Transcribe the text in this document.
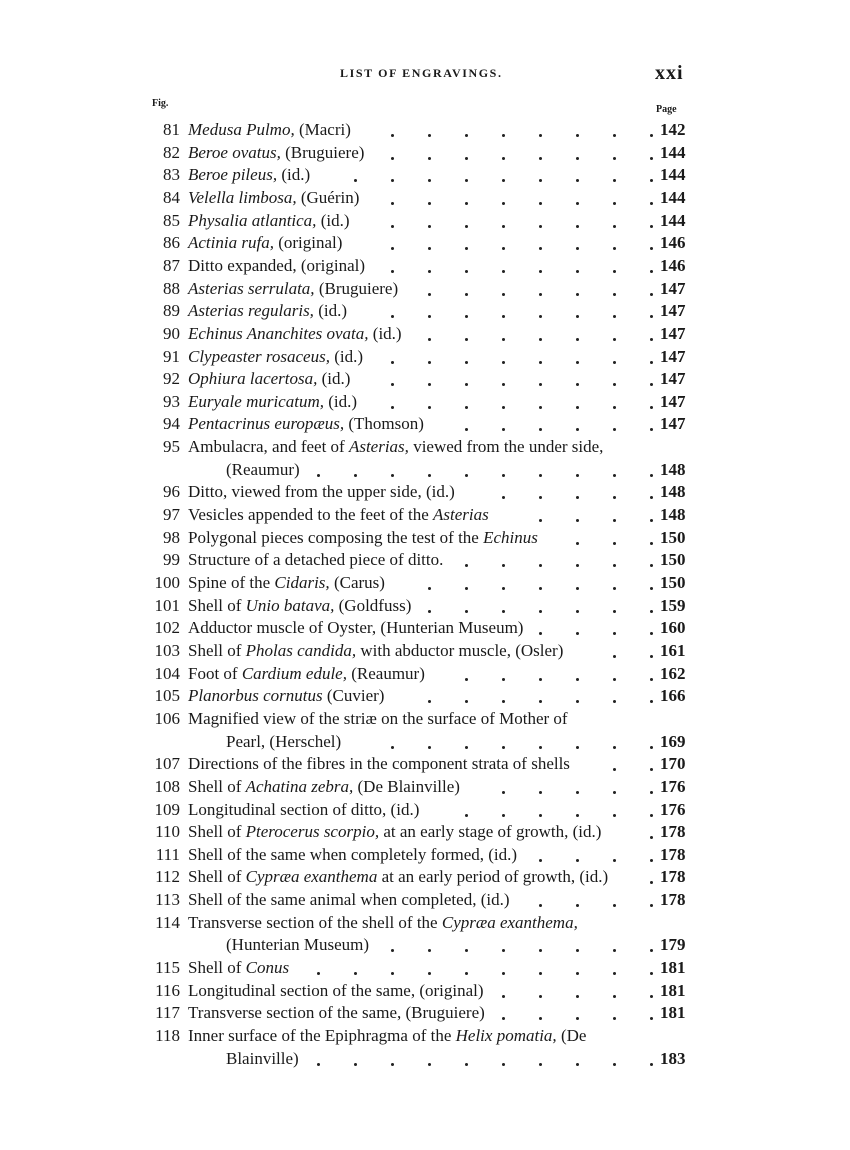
LIST OF ENGRAVINGS.	xxi
Fig.
Page
81 Medusa Pulmo, (Macri)	142
82 Beroe ovatus, (Bruguiere)	144
83 Beroe pileus, (id.)	144
84 Velella limbosa, (Guérin)	144
85 Physalia atlantica, (id.)	144
86 Actinia rufa, (original)	146
87 Ditto expanded, (original)	146
88 Asterias serrulata, (Bruguiere)	147
89 Asterias regularis, (id.)	147
90 Echinus Ananchites ovata, (id.)	147
91 Clypeaster rosaceus, (id.)	147
92 Ophiura lacertosa, (id.)	147
93 Euryale muricatum, (id.)	147
94 Pentacrinus europæus, (Thomson)	147
95 Ambulacra, and feet of Asterias, viewed from the under side,
(Reaumur)	148
96 Ditto, viewed from the upper side, (id.)	148
97 Vesicles appended to the feet of the Asterias	148
98 Polygonal pieces composing the test of the Echinus	150
99 Structure of a detached piece of ditto.	150
100 Spine of the Cidaris, (Carus)	150
101 Shell of Unio batava, (Goldfuss)	159
102 Adductor muscle of Oyster, (Hunterian Museum)	160
103 Shell of Pholas candida, with abductor muscle, (Osler)	161
104 Foot of Cardium edule, (Reaumur)	162
105 Planorbus cornutus (Cuvier)	166
106 Magnified view of the striæ on the surface of Mother of
Pearl, (Herschel)	169
107 Directions of the fibres in the component strata of shells	170
108 Shell of Achatina zebra, (De Blainville)	176
109 Longitudinal section of ditto, (id.)	176
110 Shell of Pterocerus scorpio, at an early stage of growth, (id.)	178
111 Shell of the same when completely formed, (id.)	178
112 Shell of Cypræa exanthema at an early period of growth, (id.)	178
113 Shell of the same animal when completed, (id.)	178
114 Transverse section of the shell of the Cypræa exanthema,
(Hunterian Museum)	179
115 Shell of Conus	181
116 Longitudinal section of the same, (original)	181
117 Transverse section of the same, (Bruguiere)	181
118 Inner surface of the Epiphragma of the Helix pomatia, (De
Blainville)	183
